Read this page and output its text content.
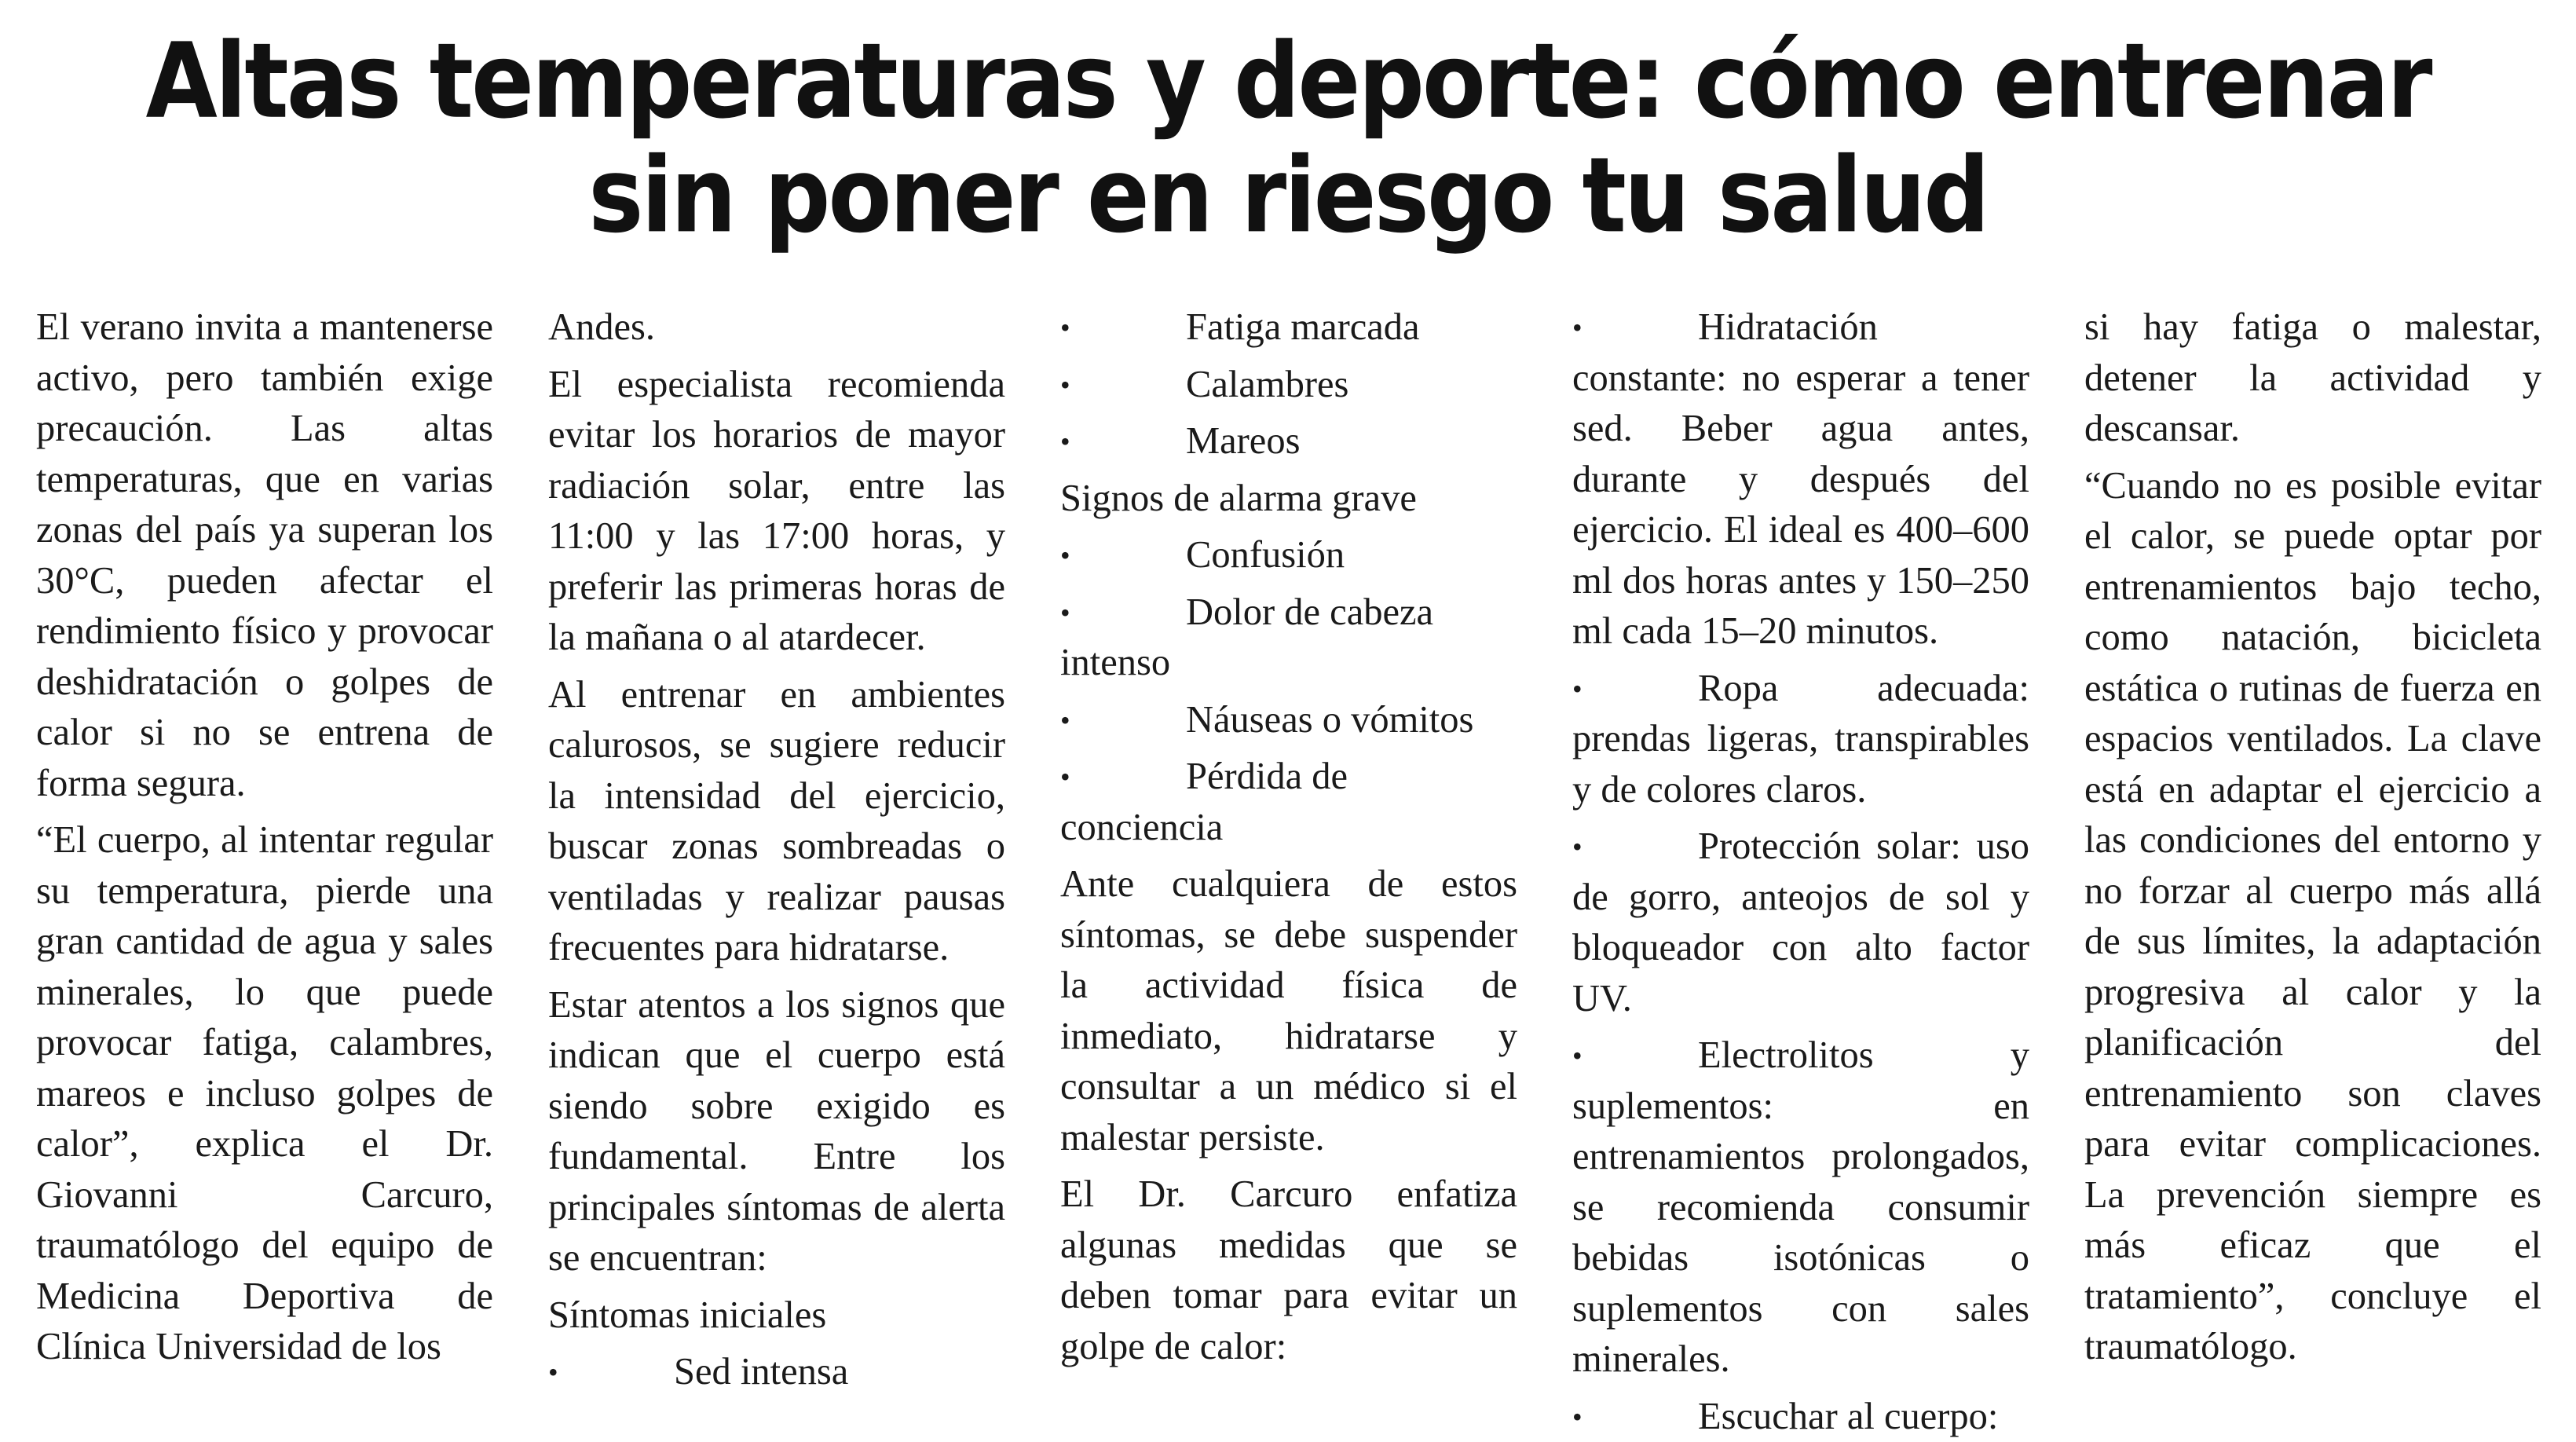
Altas temperaturas y deporte: cómo entrenar sin poner en riesgo tu salud

El verano invita a mantenerse activo, pero también exige precaución. Las altas temperaturas, que en varias zonas del país ya superan los 30°C, pueden afectar el rendimiento físico y provocar deshidratación o golpes de calor si no se entrena de forma segura.

“El cuerpo, al intentar regular su temperatura, pierde una gran cantidad de agua y sales minerales, lo que puede provocar fatiga, calambres, mareos e incluso golpes de calor”, explica el Dr. Giovanni Carcuro, traumatólogo del equipo de Medicina Deportiva de Clínica Universidad de los

Andes.

El especialista recomienda evitar los horarios de mayor radiación solar, entre las 11:00 y las 17:00 horas, y preferir las primeras horas de la mañana o al atardecer.

Al entrenar en ambientes calurosos, se sugiere reducir la intensidad del ejercicio, buscar zonas sombreadas o ventiladas y realizar pausas frecuentes para hidratarse.

Estar atentos a los signos que indican que el cuerpo está siendo sobre exigido es fundamental. Entre los principales síntomas de alerta se encuentran:

Síntomas iniciales

• Sed intensa

• Fatiga marcada

• Calambres

• Mareos

Signos de alarma grave

• Confusión

• Dolor de cabeza intenso

• Náuseas o vómitos

• Pérdida de conciencia

Ante cualquiera de estos síntomas, se debe suspender la actividad física de inmediato, hidratarse y consultar a un médico si el malestar persiste.

El Dr. Carcuro enfatiza algunas medidas que se deben tomar para evitar un golpe de calor:

• Hidratación constante: no esperar a tener sed. Beber agua antes, durante y después del ejercicio. El ideal es 400–600 ml dos horas antes y 150–250 ml cada 15–20 minutos.

• Ropa adecuada: prendas ligeras, transpirables y de colores claros.

• Protección solar: uso de gorro, anteojos de sol y bloqueador con alto factor UV.

• Electrolitos y suplementos: en entrenamientos prolongados, se recomienda consumir bebidas isotónicas o suplementos con sales minerales.

• Escuchar al cuerpo:

si hay fatiga o malestar, detener la actividad y descansar.

“Cuando no es posible evitar el calor, se puede optar por entrenamientos bajo techo, como natación, bicicleta estática o rutinas de fuerza en espacios ventilados. La clave está en adaptar el ejercicio a las condiciones del entorno y no forzar al cuerpo más allá de sus límites, la adaptación progresiva al calor y la planificación del entrenamiento son claves para evitar complicaciones. La prevención siempre es más eficaz que el tratamiento”, concluye el traumatólogo.
